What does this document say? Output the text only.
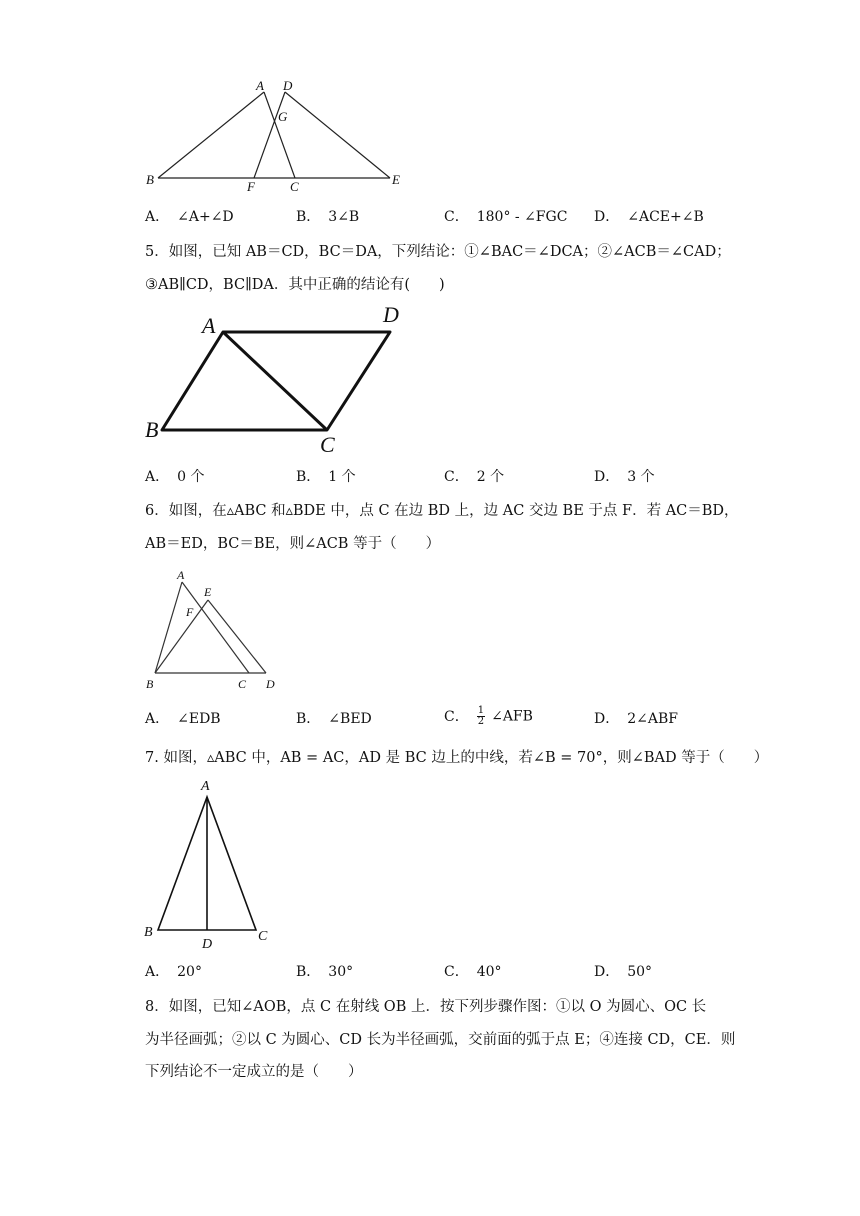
A D
G
B	F	C	E
A	D
B
C
A
E
F
B	C D
A
B
D
C
A． ∠A+∠D	B． 3∠B	C． 180° - ∠FGC D． ∠ACE+∠B
5．如图，已知 AB＝CD，BC＝DA，下列结论：①∠BAC＝∠DCA；②∠ACB＝∠CAD；
③AB∥CD，BC∥DA．其中正确的结论有(　　)
A． 0 个	B． 1 个	C． 2 个	D． 3 个
6．如图，在▵ABC 和▵BDE 中，点 C 在边 BD 上，边 AC 交边 BE 于点 F．若 AC＝BD，
AB＝ED，BC＝BE，则∠ACB 等于（　　）
A． ∠EDB	B． ∠BED	C． $\frac{1}{2}$ ∠AFB	D． 2∠ABF
7. 如图，▵ABC 中，AB = AC，AD 是 BC 边上的中线，若∠B = 70°，则∠BAD 等于（　　）
A． 20°	B． 30°	C． 40°	D． 50°
8．如图，已知∠AOB，点 C 在射线 OB 上．按下列步骤作图：①以 O 为圆心、OC 长
为半径画弧；②以 C 为圆心、CD 长为半径画弧，交前面的弧于点 E；④连接 CD，CE．则
下列结论不一定成立的是（　　）
